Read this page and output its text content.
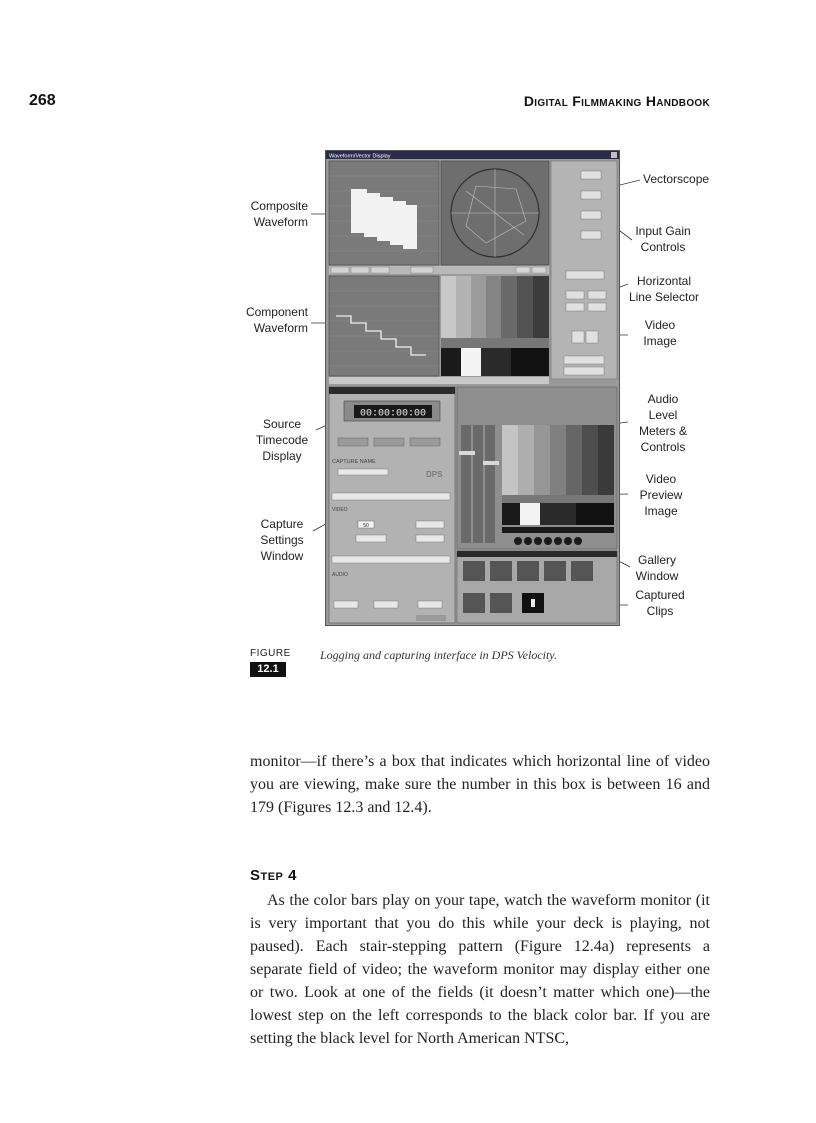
268	Digital Filmmaking Handbook
Composite
Waveform
Component
Waveform
Source
Timecode
Display
Capture
Settings
Window
Vectorscope
Input Gain
Controls
Horizontal
Line Selector
Video
Image
Audio
Level
Meters &
Controls
Video
Preview
Image
Gallery
Window
Captured
Clips
Waveform/Vector Display
00:00:00:00
CAPTURE NAME
DPS
VIDEO
50
AUDIO
FIGURE
12.1
Logging and capturing interface in DPS Velocity.
monitor—if there’s a box that indicates which horizontal line of video you are viewing, make sure the number in this box is between 16 and 179 (Figures 12.3 and 12.4).
Step 4
As the color bars play on your tape, watch the waveform monitor (it is very important that you do this while your deck is playing, not paused). Each stair-stepping pattern (Figure 12.4a) represents a separate field of video; the waveform monitor may display either one or two. Look at one of the fields (it doesn’t matter which one)—the lowest step on the left corresponds to the black color bar. If you are setting the black level for North American NTSC,
